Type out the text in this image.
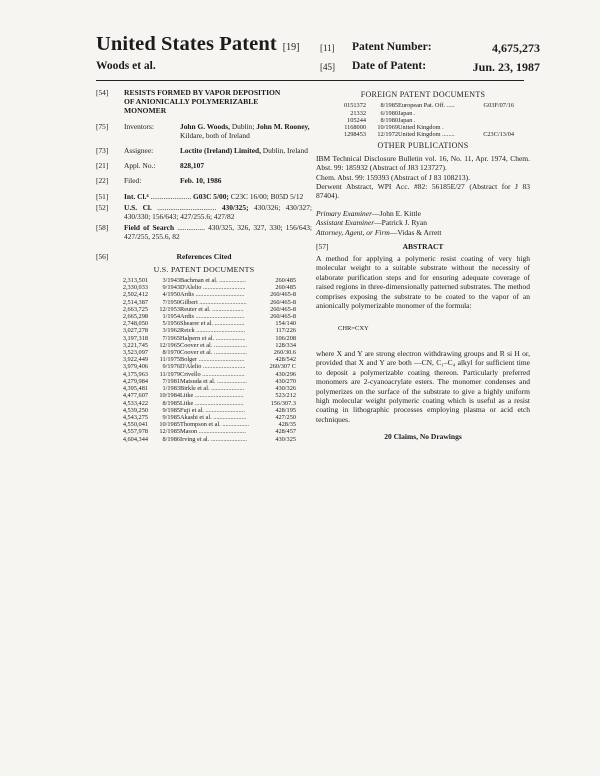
United States Patent [19]
Woods et al.
[11] Patent Number:	4,675,273
[45] Date of Patent:	Jun. 23, 1987
[54] RESISTS FORMED BY VAPOR DEPOSITION
OF ANIONICALLY POLYMERIZABLE
MONOMER
[75] Inventors:	John G. Woods, Dublin; John M. Rooney, Kildare, both of Ireland
[73] Assignee:	Loctite (Ireland) Limited, Dublin, Ireland
[21] Appl. No.:	828,107
[22] Filed:	Feb. 10, 1986
[51] Int. Cl.⁴ ...................... G03C 5/00; C23C 16/00; B05D 5/12
[52] U.S. Cl. ................................ 430/325; 430/326; 430/327; 430/330; 156/643; 427/255.6; 427/82
[58] Field of Search ............... 430/325, 326, 327, 330; 156/643; 427/255, 255.6, 82
[56]	References Cited
U.S. PATENT DOCUMENTS
2,313,501	3/1943	Bachman et al. .................	260/485
2,330,033	9/1943	D'Alelio ...........................	260/485
2,502,412	4/1950	Ardis ...............................	260/465-8
2,514,387	7/1950	Gilbert ..............................	260/465-8
2,663,725	12/1953	Reuter et al. ....................	260/465-8
2,665,298	1/1954	Ardis ...............................	260/465-8
2,748,050	5/1956	Shearer et al. ...................	154/140
3,027,278	3/1962	Reick ...............................	117/226
3,197,318	7/1965	Halpern et al. ...................	106/208
3,221,745	12/1965	Coover et al. .....................	128/334
3,523,097	8/1970	Coover et al. .....................	260/30.6
3,922,449	11/1975	Bolger .............................	428/542
3,979,406	9/1976	D'Alelio ...........................	260/307 C
4,175,963	11/1979	Crivello ...........................	430/296
4,279,984	7/1981	Matsuda et al. ...................	430/270
4,395,481	1/1983	Birkle et al. .....................	430/326
4,477,607	10/1984	Litke ...............................	523/212
4,533,422	8/1985	Litke ...............................	156/307.3
4,539,250	9/1985	Fuji et al. .........................	428/195
4,543,275	9/1985	Akashi et al. .....................	427/250
4,550,041	10/1985	Thompson et al. .................	428/35
4,557,978	12/1985	Mason ..............................	428/457
4,604,344	8/1986	Irving et al. .......................	430/325
FOREIGN PATENT DOCUMENTS
0151372	8/1985	European Pat. Off. .....	G03F/07/16
21332	6/1980	Japan .	
105244	8/1980	Japan .	
1168000	10/1969	United Kingdom .	
1298453	12/1972	United Kingdom ........	C23C/13/04
OTHER PUBLICATIONS
IBM Technical Disclosure Bulletin vol. 16, No. 11, Apr. 1974, Chem. Abst. 99: 185932 (Abstract of J83 123727).
Chem. Abst. 99: 159393 (Abstract of J 83 108213).
Derwent Abstract, WPI Acc. #82: 56185E/27 (Abstract for J 83 87404).
Primary Examiner—John E. Kittle
Assistant Examiner—Patrick J. Ryan
Attorney, Agent, or Firm—Vidas & Arrett
[57]	ABSTRACT
A method for applying a polymeric resist coating of very high molecular weight to a suitable substrate without the necessity of elaborate purification steps and for ensuring adequate coverage of raised regions in three-dimensionally patterned substrates. The method comprises exposing the substrate to be coated to the vapor of an anionically polymerizable monomer of the formula:
CHR=CXY
where X and Y are strong electron withdrawing groups and R si H or, provided that X and Y are both —CN, C₁–C₄ alkyl for sufficient time to deposit a polymerizable coating thereon. Particularly preferred monomers are 2-cyanoacrylate esters. The monomer condenses and polymerizes on the surface of the substrate to give a highly uniform high molecular weight polymeric coating which is useful as a resist coating in lithographic processes employing plasma or acid etch techniques.
20 Claims, No Drawings
